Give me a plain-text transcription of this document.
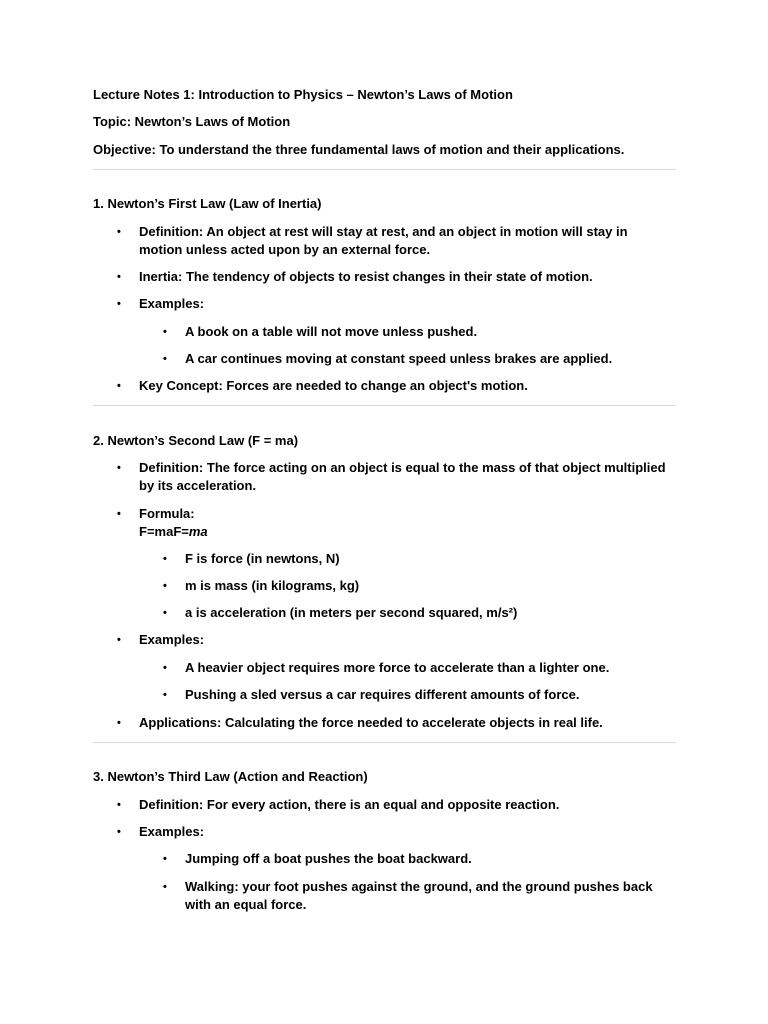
Lecture Notes 1: Introduction to Physics – Newton’s Laws of Motion
Topic: Newton’s Laws of Motion
Objective: To understand the three fundamental laws of motion and their applications.
1. Newton’s First Law (Law of Inertia)
• Definition: An object at rest will stay at rest, and an object in motion will stay in motion unless acted upon by an external force.
• Inertia: The tendency of objects to resist changes in their state of motion.
• Examples:
• A book on a table will not move unless pushed.
• A car continues moving at constant speed unless brakes are applied.
• Key Concept: Forces are needed to change an object's motion.
2. Newton’s Second Law (F = ma)
• Definition: The force acting on an object is equal to the mass of that object multiplied by its acceleration.
• Formula:
F=maF=ma
• F is force (in newtons, N)
• m is mass (in kilograms, kg)
• a is acceleration (in meters per second squared, m/s²)
• Examples:
• A heavier object requires more force to accelerate than a lighter one.
• Pushing a sled versus a car requires different amounts of force.
• Applications: Calculating the force needed to accelerate objects in real life.
3. Newton’s Third Law (Action and Reaction)
• Definition: For every action, there is an equal and opposite reaction.
• Examples:
• Jumping off a boat pushes the boat backward.
• Walking: your foot pushes against the ground, and the ground pushes back with an equal force.
